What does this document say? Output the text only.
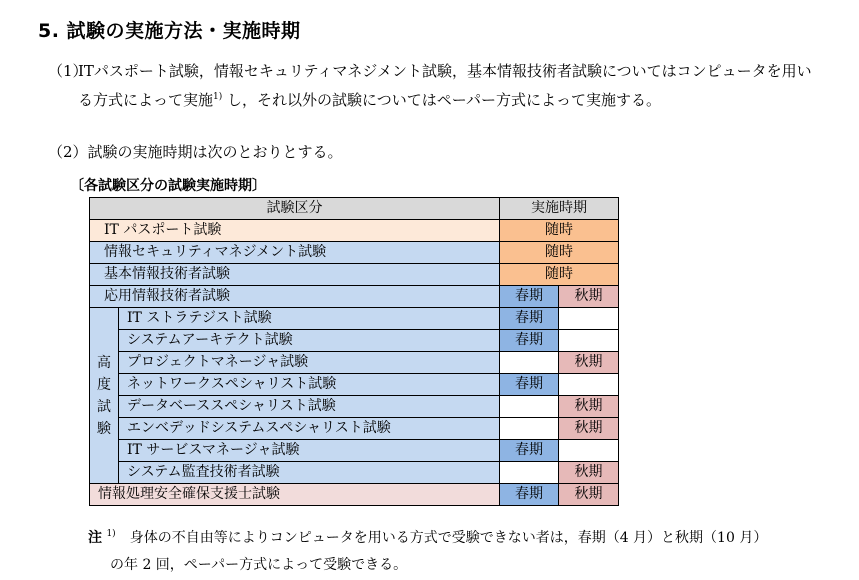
5. 試験の実施方法・実施時期
（1）
ITパスポート試験，情報セキュリティマネジメント試験，基本情報技術者試験についてはコンピュータを用いる方式によって実施$^{1)}$ し，それ以外の試験についてはペーパー方式によって実施する。
（2）試験の実施時期は次のとおりとする。
〔各試験区分の試験実施時期〕
試験区分		実施時期	
IT パスポート試験		随時	
情報セキュリティマネジメント試験		随時	
基本情報技術者試験		随時	
応用情報技術者試験		春期	秋期
高
度
試
験	IT ストラテジスト試験	春期	
	システムアーキテクト試験	春期	
	プロジェクトマネージャ試験		秋期
	ネットワークスペシャリスト試験	春期	
	データベーススペシャリスト試験		秋期
	エンベデッドシステムスペシャリスト試験		秋期
	IT サービスマネージャ試験	春期	
	システム監査技術者試験		秋期
情報処理安全確保支援士試験		春期	秋期
注 $^{1)}$　 身体の不自由等によりコンピュータを用いる方式で受験できない者は，春期（4 月）と秋期（10 月）
の年 2 回，ペーパー方式によって受験できる。
